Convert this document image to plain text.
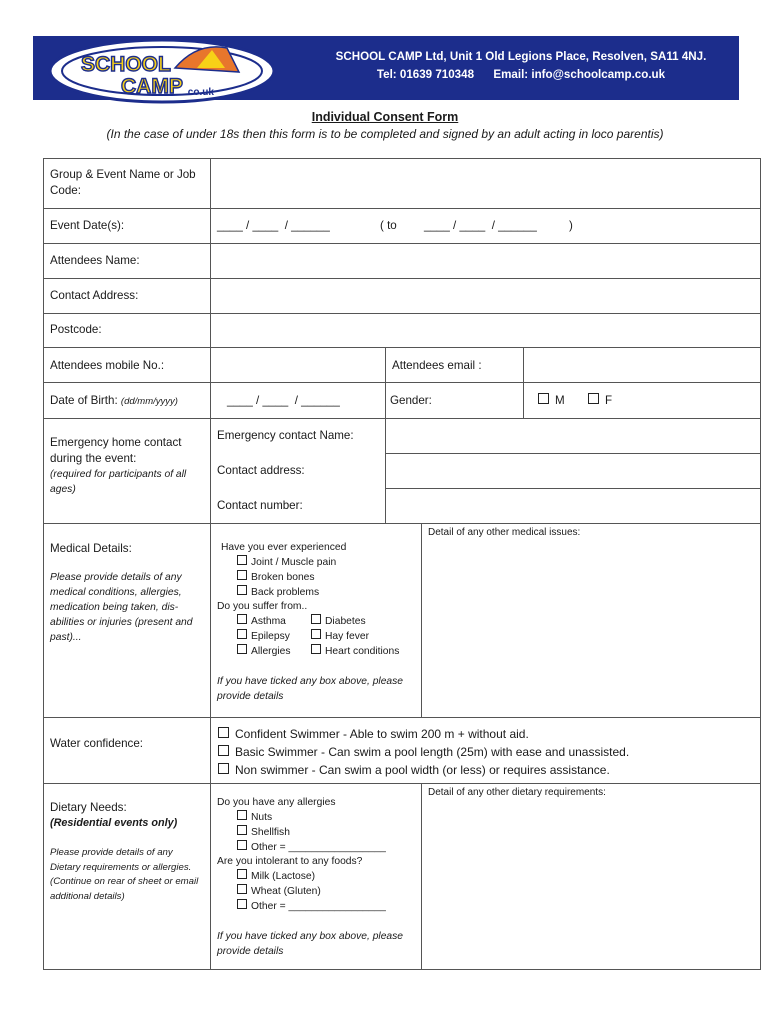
SCHOOL CAMP Ltd, Unit 1 Old Legions Place, Resolven, SA11 4NJ.
Tel: 01639 710348      Email: info@schoolcamp.co.uk
SCHOOL
CAMP .co.uk
Individual Consent Form
(In the case of under 18s then this form is to be completed and signed by an adult acting in loco parentis)
Group & Event Name or Job Code:
Event Date(s):	____ / ____  / ______	( to ____ / ____  / ______	)
Attendees Name:
Contact Address:
Postcode:
Attendees mobile No.:	Attendees email :
Date of Birth: (dd/mm/yyyy)	____ / ____  / ______	Gender:	M	F
Emergency home contact during the event:
(required for participants of all ages)
Emergency contact Name:
Contact address:
Contact number:
Medical Details:
Please provide details of any medical conditions, allergies, medication being taken, dis-abilities or injuries (present and past)...
Have you ever experienced
Joint / Muscle pain
Broken bones
Back problems
Do you suffer from..
Asthma	Diabetes
Epilepsy	Hay fever
Allergies	Heart conditions
If you have ticked any box above, please provide details
Detail of any other medical issues:
Water confidence:
Confident Swimmer - Able to swim 200 m + without aid.
Basic Swimmer - Can swim a pool length (25m) with ease and unassisted.
Non swimmer - Can swim a pool width (or less) or requires assistance.
Dietary Needs:
(Residential events only)
Please provide details of any Dietary requirements or allergies. (Continue on rear of sheet or email additional details)
Do you have any allergies
Nuts
Shellfish
Other = _________________
Are you intolerant to any foods?
Milk (Lactose)
Wheat (Gluten)
Other = _________________
If you have ticked any box above, please provide details
Detail of any other dietary requirements:
